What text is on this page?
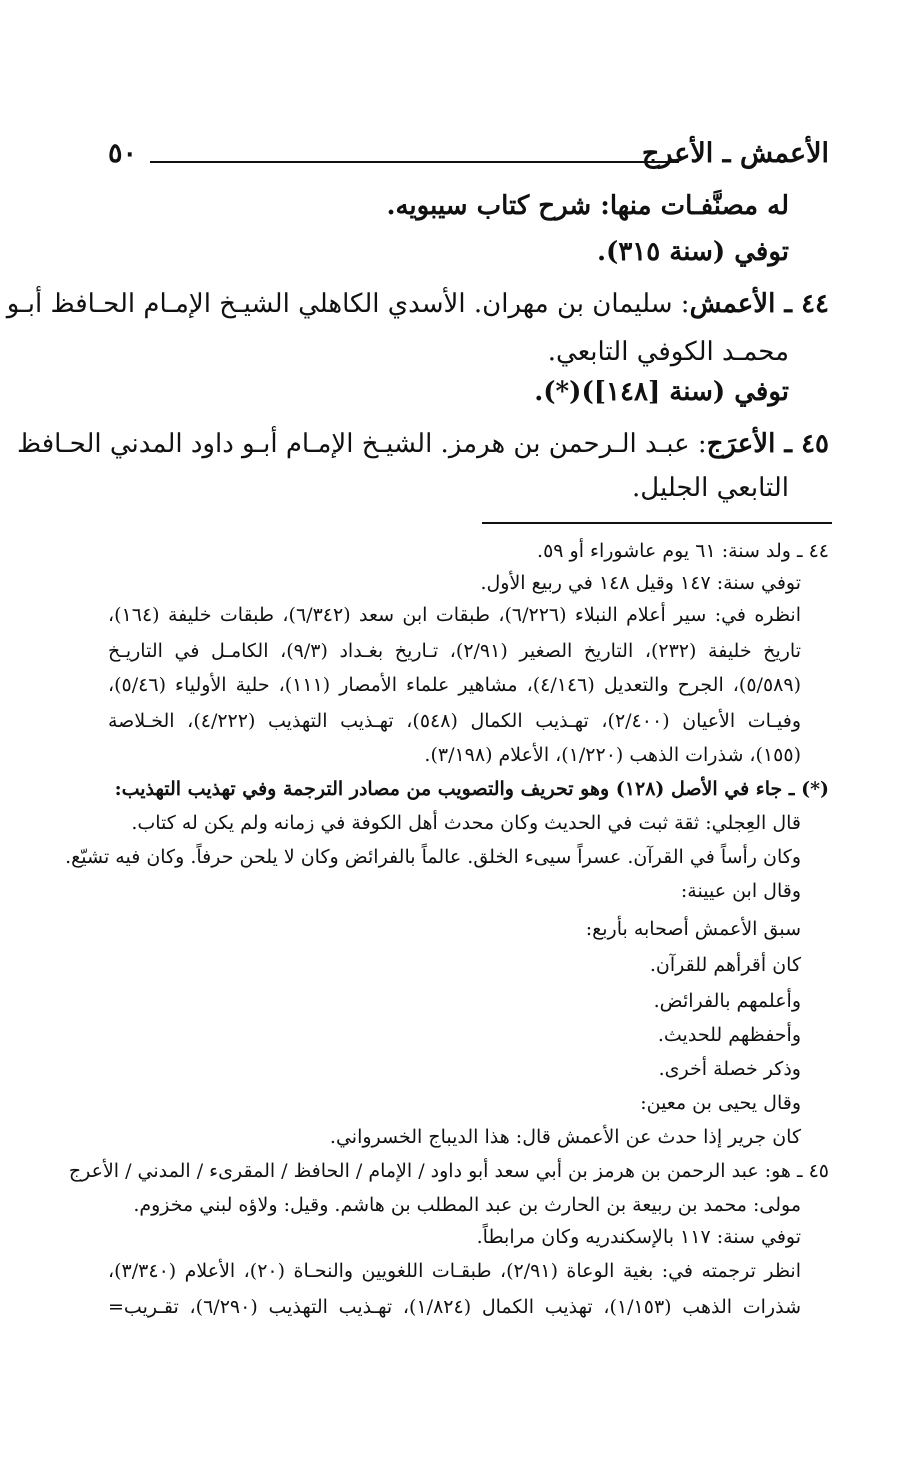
الأعمش ـ الأعرج
٥٠
له مصنَّفـات منها: شرح كتاب سيبويه.
توفي (سنة ٣١٥).
٤٤ ـ الأعمش: سليمان بن مهران. الأسدي الكاهلي الشيـخ الإمـام الحـافظ أبـو
محمـد الكوفي التابعي.
توفي (سنة [١٤٨])(*).
٤٥ ـ الأعرَج: عبـد الـرحمن بن هرمز. الشيـخ الإمـام أبـو داود المدني الحـافظ
التابعي الجليل.
٤٤ ـ ولد سنة: ٦١ يوم عاشوراء أو ٥٩.
توفي سنة: ١٤٧ وقيل ١٤٨ في ربيع الأول.
انظره في: سير أعلام النبلاء (٦/٢٢٦)، طبقات ابن سعد (٦/٣٤٢)، طبقات خليفة (١٦٤)،
تاريخ خليفة (٢٣٢)، التاريخ الصغير (٢/٩١)، تـاريخ بغـداد (٩/٣)، الكامـل في التاريـخ
(٥/٥٨٩)، الجرح والتعديل (٤/١٤٦)، مشاهير علماء الأمصار (١١١)، حلية الأولياء (٥/٤٦)،
وفيـات الأعيان (٢/٤٠٠)، تهـذيب الكمال (٥٤٨)، تهـذيب التهذيب (٤/٢٢٢)، الخـلاصة
(١٥٥)، شذرات الذهب (١/٢٢٠)، الأعلام (٣/١٩٨).
(*) ـ جاء في الأصل (١٢٨) وهو تحريف والتصويب من مصادر الترجمة وفي تهذيب التهذيب:
قال العِجلي: ثقة ثبت في الحديث وكان محدث أهل الكوفة في زمانه ولم يكن له كتاب.
وكان رأساً في القرآن. عسراً سيىء الخلق. عالماً بالفرائض وكان لا يلحن حرفاً. وكان فيه تشيّع.
وقال ابن عيينة:
سبق الأعمش أصحابه بأربع:
كان أقرأهم للقرآن.
وأعلمهم بالفرائض.
وأحفظهم للحديث.
وذكر خصلة أخرى.
وقال يحيى بن معين:
كان جرير إذا حدث عن الأعمش قال: هذا الديباج الخسرواني.
٤٥ ـ هو: عبد الرحمن بن هرمز بن أبي سعد أبو داود / الإمام / الحافظ / المقرىء / المدني / الأعرج
مولى: محمد بن ربيعة بن الحارث بن عبد المطلب بن هاشم. وقيل: ولاؤه لبني مخزوم.
توفي سنة: ١١٧ بالإسكندريه وكان مرابطاً.
انظر ترجمته في: بغية الوعاة (٢/٩١)، طبقـات اللغويين والنحـاة (٢٠)، الأعلام (٣/٣٤٠)،
شذرات الذهب (١/١٥٣)، تهذيب الكمال (١/٨٢٤)، تهـذيب التهذيب (٦/٢٩٠)، تقـريب=
